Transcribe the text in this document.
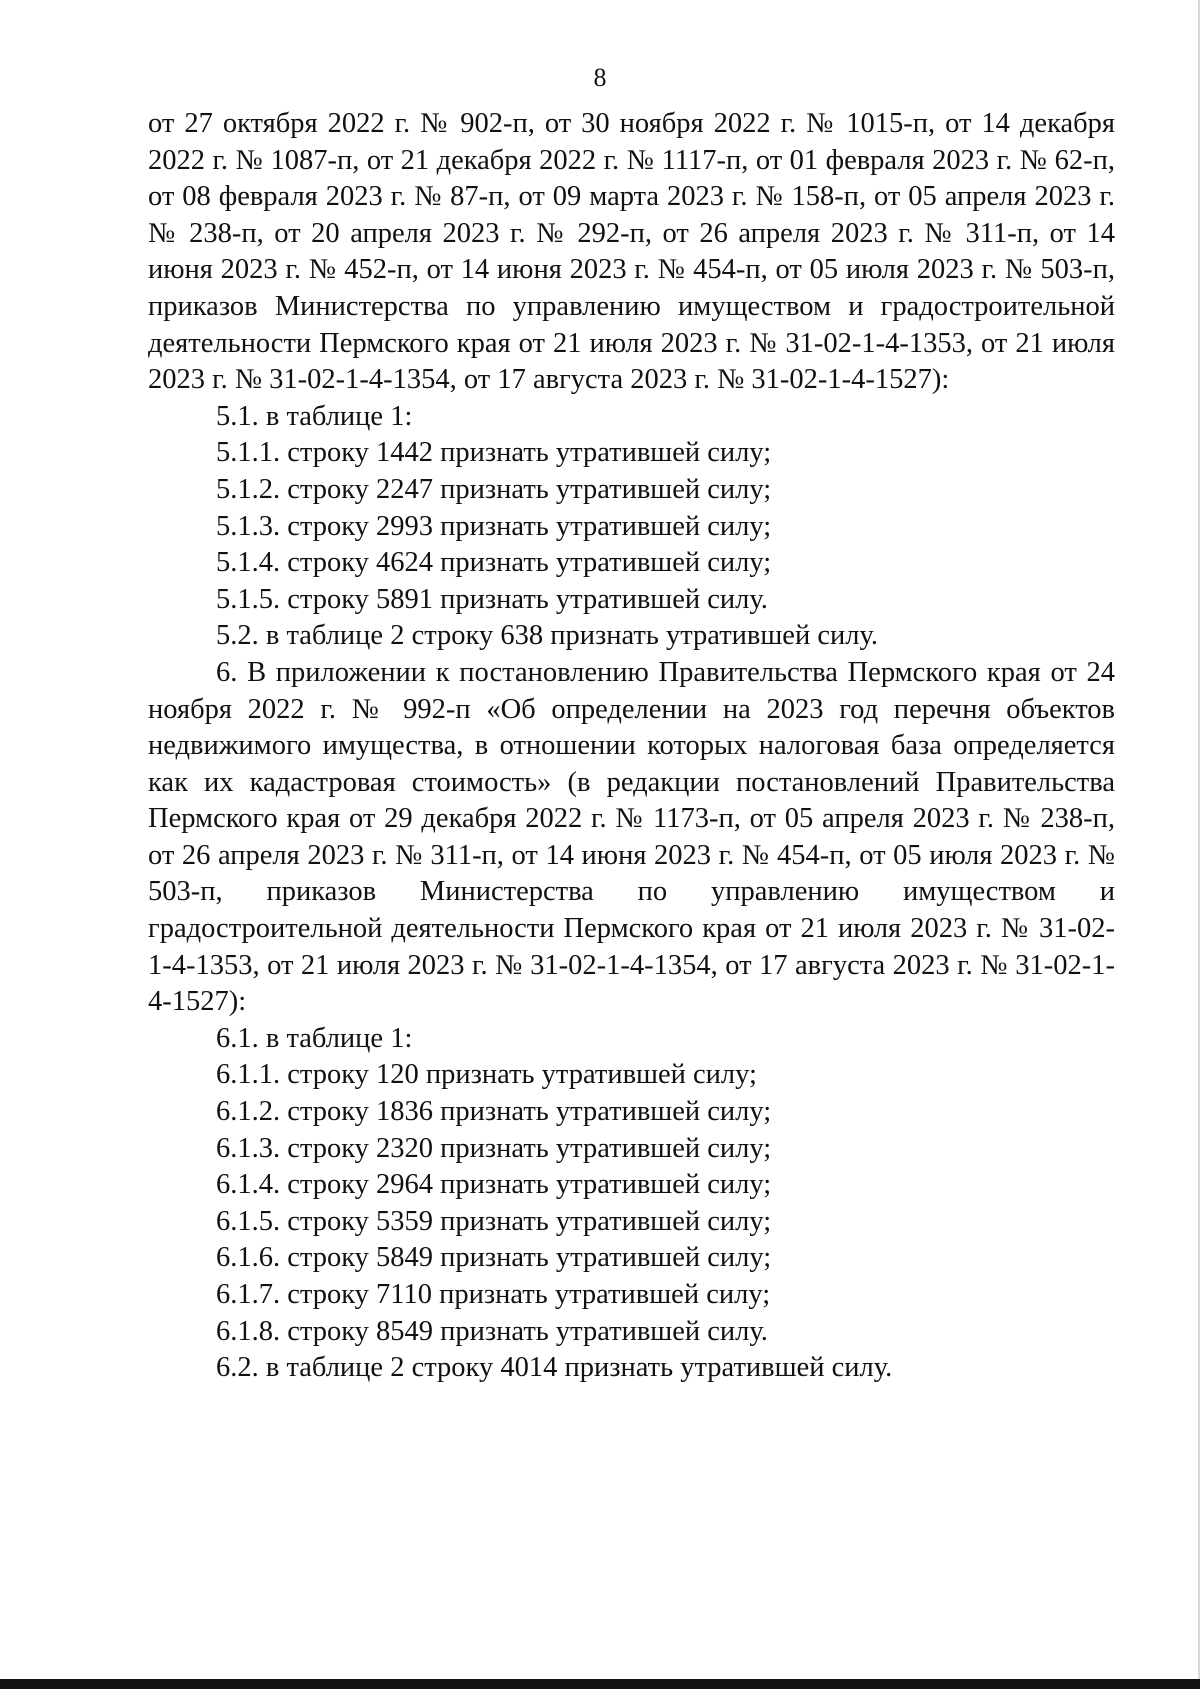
8

от 27 октября 2022 г. № 902-п, от 30 ноября 2022 г. № 1015-п, от 14 декабря 2022 г. № 1087-п, от 21 декабря 2022 г. № 1117-п, от 01 февраля 2023 г. № 62-п, от 08 февраля 2023 г. № 87-п, от 09 марта 2023 г. № 158-п, от 05 апреля 2023 г. № 238-п, от 20 апреля 2023 г. № 292-п, от 26 апреля 2023 г. № 311-п, от 14 июня 2023 г. № 452-п, от 14 июня 2023 г. № 454-п, от 05 июля 2023 г. № 503-п, приказов Министерства по управлению имуществом и градостроительной деятельности Пермского края от 21 июля 2023 г. № 31-02-1-4-1353, от 21 июля 2023 г. № 31-02-1-4-1354, от 17 августа 2023 г. № 31-02-1-4-1527):

5.1. в таблице 1:

5.1.1. строку 1442 признать утратившей силу;

5.1.2. строку 2247 признать утратившей силу;

5.1.3. строку 2993 признать утратившей силу;

5.1.4. строку 4624 признать утратившей силу;

5.1.5. строку 5891 признать утратившей силу.

5.2. в таблице 2 строку 638 признать утратившей силу.

6. В приложении к постановлению Правительства Пермского края от 24 ноября 2022 г. № 992-п «Об определении на 2023 год перечня объектов недвижимого имущества, в отношении которых налоговая база определяется как их кадастровая стоимость» (в редакции постановлений Правительства Пермского края от 29 декабря 2022 г. № 1173-п, от 05 апреля 2023 г. № 238-п, от 26 апреля 2023 г. № 311-п, от 14 июня 2023 г. № 454-п, от 05 июля 2023 г. № 503-п, приказов Министерства по управлению имуществом и градостроительной деятельности Пермского края от 21 июля 2023 г. № 31-02-1-4-1353, от 21 июля 2023 г. № 31-02-1-4-1354, от 17 августа 2023 г. № 31-02-1-4-1527):

6.1. в таблице 1:

6.1.1. строку 120 признать утратившей силу;

6.1.2. строку 1836 признать утратившей силу;

6.1.3. строку 2320 признать утратившей силу;

6.1.4. строку 2964 признать утратившей силу;

6.1.5. строку 5359 признать утратившей силу;

6.1.6. строку 5849 признать утратившей силу;

6.1.7. строку 7110 признать утратившей силу;

6.1.8. строку 8549 признать утратившей силу.

6.2. в таблице 2 строку 4014 признать утратившей силу.
